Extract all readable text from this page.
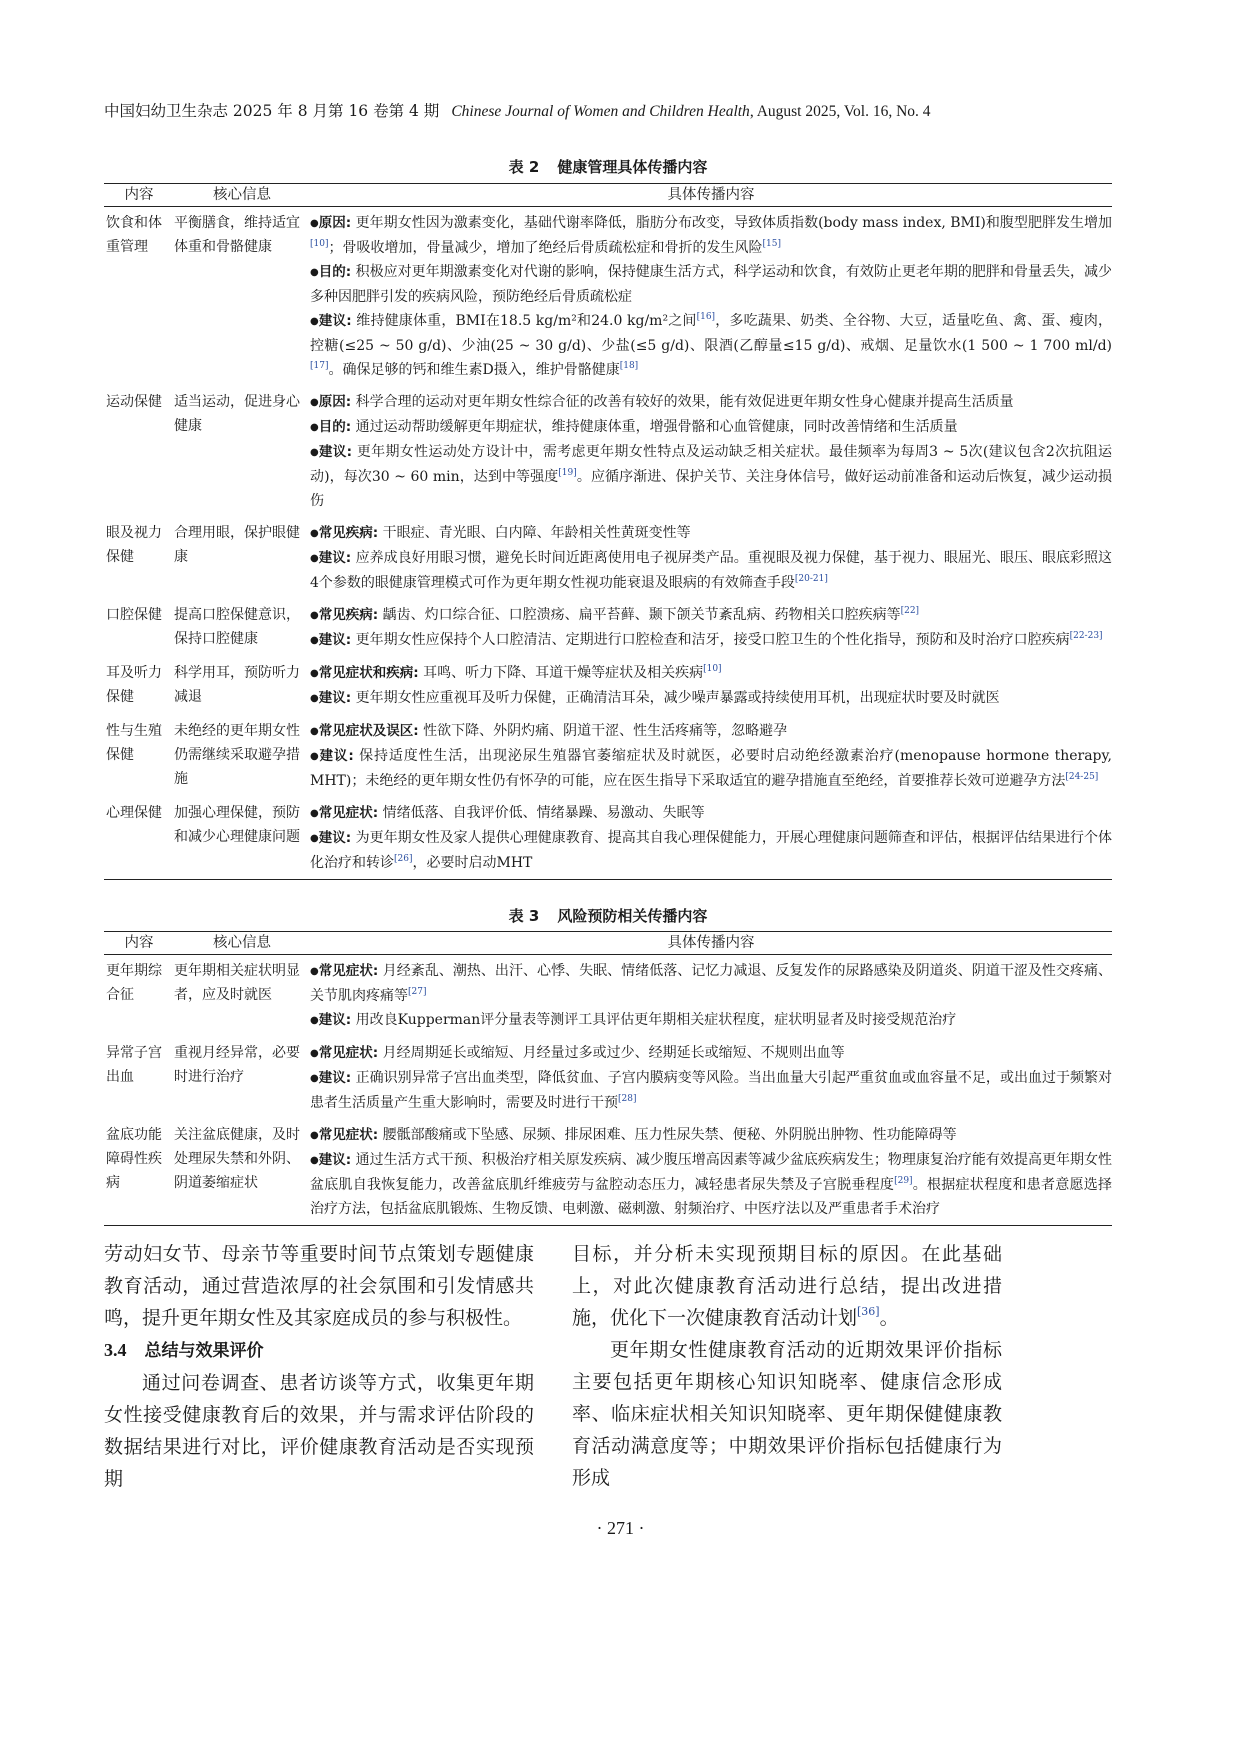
中国妇幼卫生杂志 2025 年 8 月第 16 卷第 4 期 Chinese Journal of Women and Children Health, August 2025, Vol. 16, No. 4
表 2 健康管理具体传播内容
内容	核心信息	具体传播内容
饮食和体重管理	平衡膳食，维持适宜体重和骨骼健康	●原因: 更年期女性因为激素变化，基础代谢率降低，脂肪分布改变，导致体质指数(body mass index, BMI)和腹型肥胖发生增加[10]；骨吸收增加，骨量减少，增加了绝经后骨质疏松症和骨折的发生风险[15]
●目的: 积极应对更年期激素变化对代谢的影响，保持健康生活方式，科学运动和饮食，有效防止更老年期的肥胖和骨量丢失，减少多种因肥胖引发的疾病风险，预防绝经后骨质疏松症
●建议: 维持健康体重，BMI在18.5 kg/m²和24.0 kg/m²之间[16]，多吃蔬果、奶类、全谷物、大豆，适量吃鱼、禽、蛋、瘦肉，控糖(≤25 ~ 50 g/d)、少油(25 ~ 30 g/d)、少盐(≤5 g/d)、限酒(乙醇量≤15 g/d)、戒烟、足量饮水(1 500 ~ 1 700 ml/d)[17]。确保足够的钙和维生素D摄入，维护骨骼健康[18]

运动保健	适当运动，促进身心健康	●原因: 科学合理的运动对更年期女性综合征的改善有较好的效果，能有效促进更年期女性身心健康并提高生活质量
●目的: 通过运动帮助缓解更年期症状，维持健康体重，增强骨骼和心血管健康，同时改善情绪和生活质量
●建议: 更年期女性运动处方设计中，需考虑更年期女性特点及运动缺乏相关症状。最佳频率为每周3 ~ 5次(建议包含2次抗阻运动)，每次30 ~ 60 min，达到中等强度[19]。应循序渐进、保护关节、关注身体信号，做好运动前准备和运动后恢复，减少运动损伤

眼及视力保健	合理用眼，保护眼健康	●常见疾病: 干眼症、青光眼、白内障、年龄相关性黄斑变性等
●建议: 应养成良好用眼习惯，避免长时间近距离使用电子视屏类产品。重视眼及视力保健，基于视力、眼屈光、眼压、眼底彩照这4个参数的眼健康管理模式可作为更年期女性视功能衰退及眼病的有效筛查手段[20-21]

口腔保健	提高口腔保健意识，保持口腔健康	●常见疾病: 龋齿、灼口综合征、口腔溃疡、扁平苔藓、颞下颌关节紊乱病、药物相关口腔疾病等[22]
●建议: 更年期女性应保持个人口腔清洁、定期进行口腔检查和洁牙，接受口腔卫生的个性化指导，预防和及时治疗口腔疾病[22-23]

耳及听力保健	科学用耳，预防听力减退	●常见症状和疾病: 耳鸣、听力下降、耳道干燥等症状及相关疾病[10]
●建议: 更年期女性应重视耳及听力保健，正确清洁耳朵，减少噪声暴露或持续使用耳机，出现症状时要及时就医

性与生殖保健	未绝经的更年期女性仍需继续采取避孕措施	●常见症状及误区: 性欲下降、外阴灼痛、阴道干涩、性生活疼痛等，忽略避孕
●建议: 保持适度性生活，出现泌尿生殖器官萎缩症状及时就医，必要时启动绝经激素治疗(menopause hormone therapy, MHT)；未绝经的更年期女性仍有怀孕的可能，应在医生指导下采取适宜的避孕措施直至绝经，首要推荐长效可逆避孕方法[24-25]

心理保健	加强心理保健，预防和减少心理健康问题	●常见症状: 情绪低落、自我评价低、情绪暴躁、易激动、失眠等
●建议: 为更年期女性及家人提供心理健康教育、提高其自我心理保健能力，开展心理健康问题筛查和评估，根据评估结果进行个体化治疗和转诊[26]，必要时启动MHT
表 3 风险预防相关传播内容
内容	核心信息	具体传播内容
更年期综合征	更年期相关症状明显者，应及时就医	●常见症状: 月经紊乱、潮热、出汗、心悸、失眠、情绪低落、记忆力减退、反复发作的尿路感染及阴道炎、阴道干涩及性交疼痛、关节肌肉疼痛等[27]
●建议: 用改良Kupperman评分量表等测评工具评估更年期相关症状程度，症状明显者及时接受规范治疗

异常子宫出血	重视月经异常，必要时进行治疗	●常见症状: 月经周期延长或缩短、月经量过多或过少、经期延长或缩短、不规则出血等
●建议: 正确识别异常子宫出血类型，降低贫血、子宫内膜病变等风险。当出血量大引起严重贫血或血容量不足，或出血过于频繁对患者生活质量产生重大影响时，需要及时进行干预[28]

盆底功能障碍性疾病	关注盆底健康，及时处理尿失禁和外阴、阴道萎缩症状	●常见症状: 腰骶部酸痛或下坠感、尿频、排尿困难、压力性尿失禁、便秘、外阴脱出肿物、性功能障碍等
●建议: 通过生活方式干预、积极治疗相关原发疾病、减少腹压增高因素等减少盆底疾病发生；物理康复治疗能有效提高更年期女性盆底肌自我恢复能力，改善盆底肌纤维疲劳与盆腔动态压力，减轻患者尿失禁及子宫脱垂程度[29]。根据症状程度和患者意愿选择治疗方法，包括盆底肌锻炼、生物反馈、电刺激、磁刺激、射频治疗、中医疗法以及严重患者手术治疗

劳动妇女节、母亲节等重要时间节点策划专题健康教育活动，通过营造浓厚的社会氛围和引发情感共鸣，提升更年期女性及其家庭成员的参与积极性。

3.4 总结与效果评价

通过问卷调查、患者访谈等方式，收集更年期女性接受健康教育后的效果，并与需求评估阶段的数据结果进行对比，评价健康教育活动是否实现预期

目标，并分析未实现预期目标的原因。在此基础上，对此次健康教育活动进行总结，提出改进措施，优化下一次健康教育活动计划[36]。

更年期女性健康教育活动的近期效果评价指标主要包括更年期核心知识知晓率、健康信念形成率、临床症状相关知识知晓率、更年期保健健康教育活动满意度等；中期效果评价指标包括健康行为形成

· 271 ·
